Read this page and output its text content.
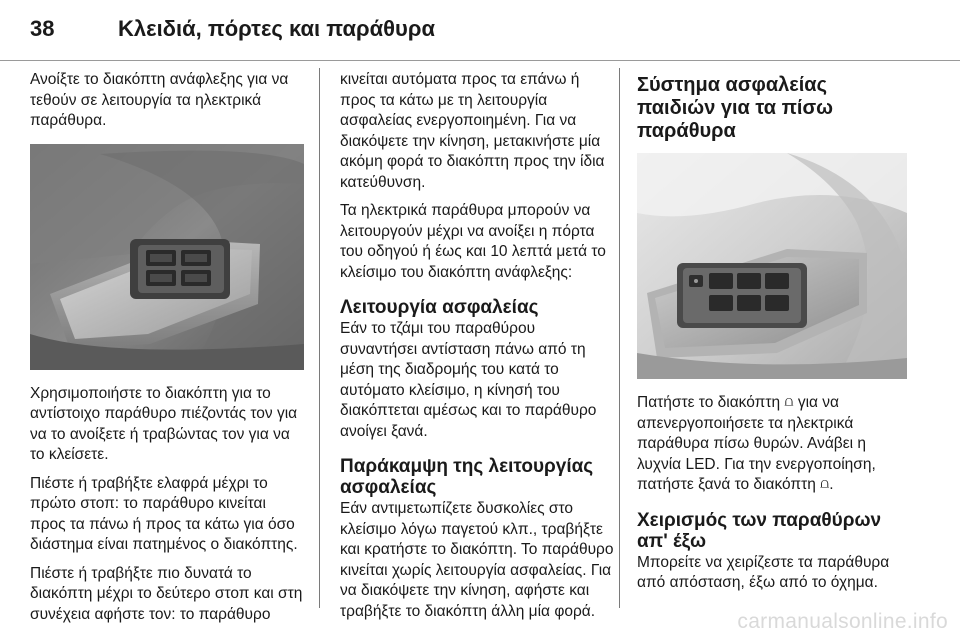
38	Κλειδιά, πόρτες και παράθυρα

Ανοίξτε το διακόπτη ανάφλεξης για να τεθούν σε λειτουργία τα ηλεκτρικά παράθυρα.

Χρησιμοποιήστε το διακόπτη για το αντίστοιχο παράθυρο πιέζοντάς τον για να το ανοίξετε ή τραβώντας τον για να το κλείσετε.

Πιέστε ή τραβήξτε ελαφρά μέχρι το πρώτο στοπ: το παράθυρο κινείται προς τα πάνω ή προς τα κάτω για όσο διάστημα είναι πατημένος ο διακόπτης.

Πιέστε ή τραβήξτε πιο δυνατά το διακόπτη μέχρι το δεύτερο στοπ και στη συνέχεια αφήστε τον: το παράθυρο

κινείται αυτόματα προς τα επάνω ή προς τα κάτω με τη λειτουργία ασφαλείας ενεργοποιημένη. Για να διακόψετε την κίνηση, μετακινήστε μία ακόμη φορά το διακόπτη προς την ίδια κατεύθυνση.

Τα ηλεκτρικά παράθυρα μπορούν να λειτουργούν μέχρι να ανοίξει η πόρτα του οδηγού ή έως και 10 λεπτά μετά το κλείσιμο του διακόπτη ανάφλεξης:

Λειτουργία ασφαλείας

Εάν το τζάμι του παραθύρου συναντήσει αντίσταση πάνω από τη μέση της διαδρομής του κατά το αυτόματο κλείσιμο, η κίνησή του διακόπτεται αμέσως και το παράθυρο ανοίγει ξανά.

Παράκαμψη της λειτουργίας ασφαλείας

Εάν αντιμετωπίζετε δυσκολίες στο κλείσιμο λόγω παγετού κλπ., τραβήξτε και κρατήστε το διακόπτη. Το παράθυρο κινείται χωρίς λειτουργία ασφαλείας. Για να διακόψετε την κίνηση, αφήστε και τραβήξτε το διακόπτη άλλη μία φορά.

Σύστημα ασφαλείας παιδιών για τα πίσω παράθυρα

Πατήστε το διακόπτη ⩍ για να απενεργοποιήσετε τα ηλεκτρικά παράθυρα πίσω θυρών. Ανάβει η λυχνία LED. Για την ενεργοποίηση, πατήστε ξανά το διακόπτη ⩍.

Χειρισμός των παραθύρων απ' έξω

Μπορείτε να χειρίζεστε τα παράθυρα από απόσταση, έξω από το όχημα.

carmanualsonline.info
